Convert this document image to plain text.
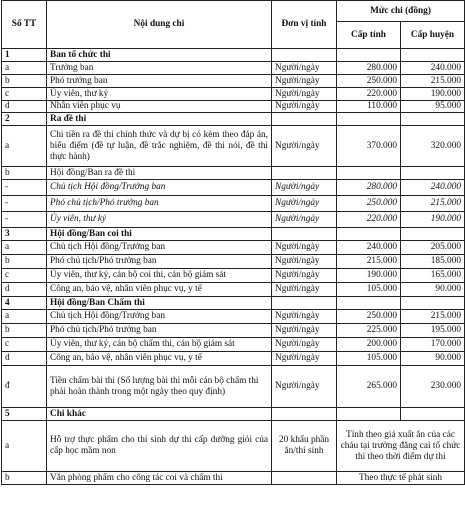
Số TT	Nội dung chi	Đơn vị tính	Mức chi (đồng)	
			Cấp tỉnh	Cấp huyện
1	Ban tổ chức thi			
a	Trưởng ban	Người/ngày	280.000	240.000
b	Phó trưởng ban	Người/ngày	250.000	215.000
c	Ủy viên, thư ký	Người/ngày	220.000	190.000
d	Nhân viên phục vụ	Người/ngày	110.000	95.000
2	Ra đề thi			
a	Chi tiền ra đề thi chính thức và dự bị có kèm theo đáp án, biểu điểm (đề tự luận, đề trắc nghiệm, đề thi nói, đề thi thực hành)	Người/ngày	370.000	320.000
b	Hội đồng/Ban ra đề thi			
-	Chủ tịch Hội đồng/Trưởng ban	Người/ngày	280.000	240.000
-	Phó chủ tịch/Phó trưởng ban	Người/ngày	250.000	215.000
-	Ủy viên, thư ký	Người/ngày	220.000	190.000
3	Hội đồng/Ban coi thi			
a	Chủ tịch Hội đồng/Trưởng ban	Người/ngày	240.000	205.000
b	Phó chủ tịch/Phó trưởng ban	Người/ngày	215.000	185.000
c	Ủy viên, thư ký, cán bộ coi thi, cán bộ giám sát	Người/ngày	190.000	165.000
d	Công an, bảo vệ, nhân viên phục vụ, y tế	Người/ngày	105.000	90.000
4	Hội đồng/Ban Chấm thi			
a	Chủ tịch Hội đồng/Trưởng ban	Người/ngày	250.000	215.000
b	Phó chủ tịch/Phó trưởng ban	Người/ngày	225.000	195.000
c	Ủy viên, thư ký, cán bộ chấm thi, cán bộ giám sát	Người/ngày	200.000	170.000
d	Công an, bảo vệ, nhân viên phục vụ, y tế	Người/ngày	105.000	90.000
đ	Tiền chấm bài thi (Số lượng bài thi mỗi cán bộ chấm thi phải hoàn thành trong một ngày theo quy định)	Người/ngày	265.000	230.000
5	Chi khác			
a	Hỗ trợ thực phẩm cho thí sinh dự thi cấp dưỡng giỏi của cấp học mầm non	20 khẩu phần ăn/thí sinh	Tính theo giá xuất ăn của các cháu tại trường đăng cai tổ chức thi theo thời điểm dự thi	
b	Văn phòng phẩm cho công tác coi và chấm thi		Theo thực tế phát sinh	
